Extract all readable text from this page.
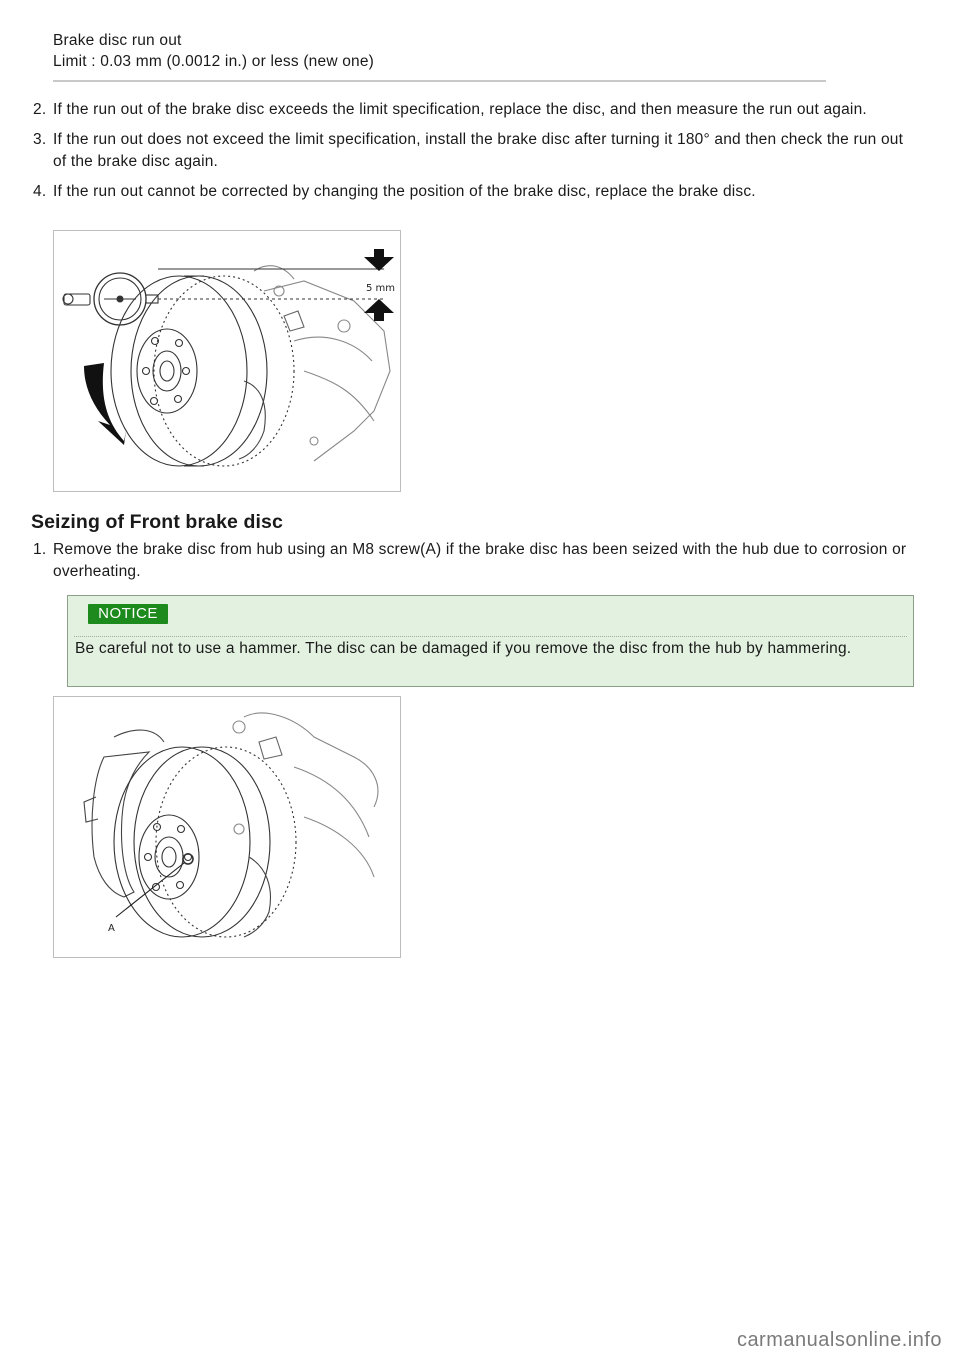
Brake disc run out
Limit : 0.03 mm (0.0012 in.) or less (new one)
2. If the run out of the brake disc exceeds the limit specification, replace the disc, and then measure the run out again.
3. If the run out does not exceed the limit specification, install the brake disc after turning it 180° and then check the run out of the brake disc again.
4. If the run out cannot be corrected by changing the position of the brake disc, replace the brake disc.
5 mm
Seizing of Front brake disc
1. Remove the brake disc from hub using an M8 screw(A) if the brake disc has been seized with the hub due to corrosion or overheating.
NOTICE
Be careful not to use a hammer. The disc can be damaged if you remove the disc from the hub by hammering.
A
carmanualsonline.info
